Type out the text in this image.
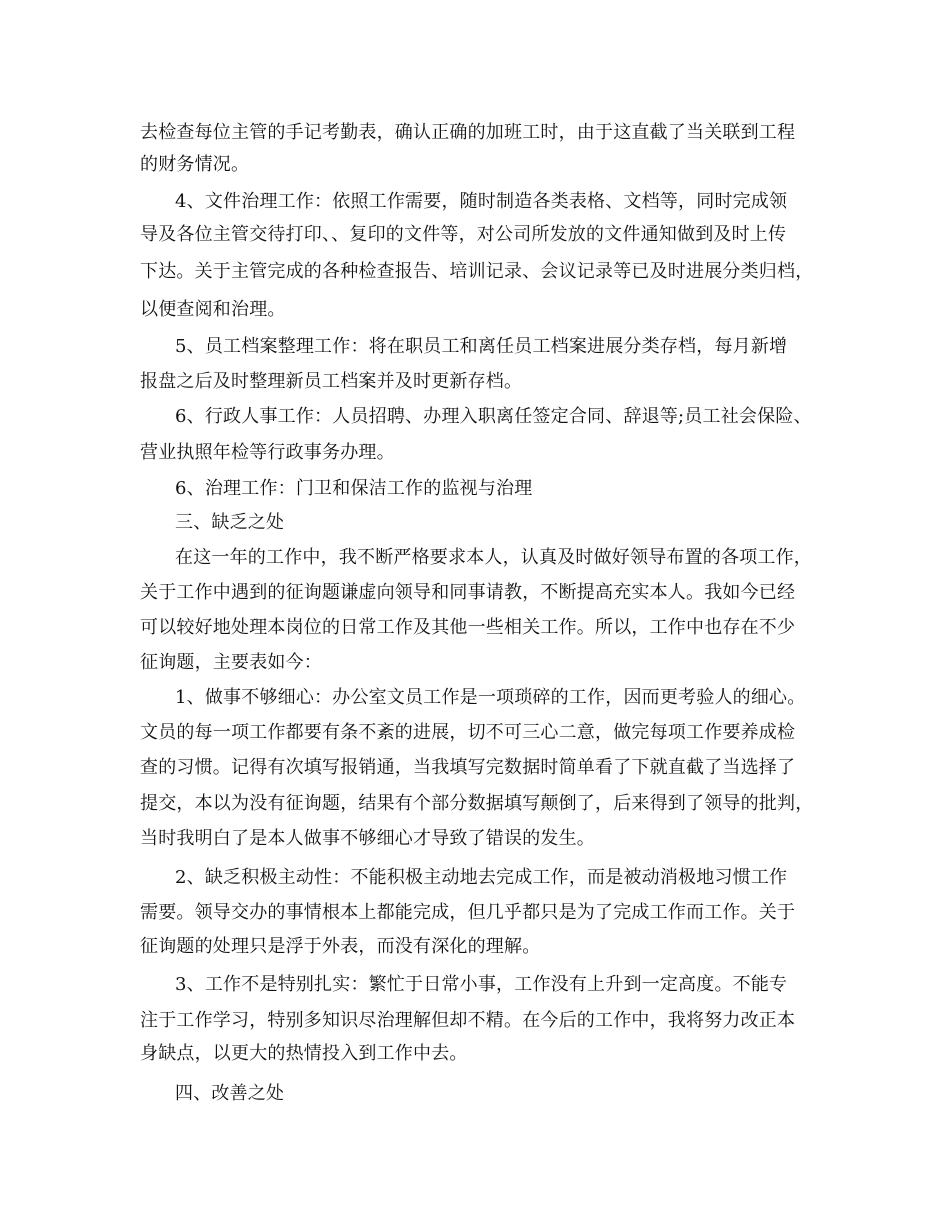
去检查每位主管的手记考勤表，确认正确的加班工时，由于这直截了当关联到工程
的财务情况。
4、文件治理工作：依照工作需要，随时制造各类表格、文档等，同时完成领
导及各位主管交待打印、、复印的文件等，对公司所发放的文件通知做到及时上传
下达。关于主管完成的各种检查报告、培训记录、会议记录等已及时进展分类归档，
以便查阅和治理。
5、员工档案整理工作：将在职员工和离任员工档案进展分类存档，每月新增
报盘之后及时整理新员工档案并及时更新存档。
6、行政人事工作：人员招聘、办理入职离任签定合同、辞退等;员工社会保险、
营业执照年检等行政事务办理。
6、治理工作：门卫和保洁工作的监视与治理
三、缺乏之处
在这一年的工作中，我不断严格要求本人，认真及时做好领导布置的各项工作，
关于工作中遇到的征询题谦虚向领导和同事请教，不断提高充实本人。我如今已经
可以较好地处理本岗位的日常工作及其他一些相关工作。所以，工作中也存在不少
征询题，主要表如今：
1、做事不够细心：办公室文员工作是一项琐碎的工作，因而更考验人的细心。
文员的每一项工作都要有条不紊的进展，切不可三心二意，做完每项工作要养成检
查的习惯。记得有次填写报销通，当我填写完数据时简单看了下就直截了当选择了
提交，本以为没有征询题，结果有个部分数据填写颠倒了，后来得到了领导的批判，
当时我明白了是本人做事不够细心才导致了错误的发生。
2、缺乏积极主动性：不能积极主动地去完成工作，而是被动消极地习惯工作
需要。领导交办的事情根本上都能完成，但几乎都只是为了完成工作而工作。关于
征询题的处理只是浮于外表，而没有深化的理解。
3、工作不是特别扎实：繁忙于日常小事，工作没有上升到一定高度。不能专
注于工作学习，特别多知识尽治理解但却不精。在今后的工作中，我将努力改正本
身缺点，以更大的热情投入到工作中去。
四、改善之处
